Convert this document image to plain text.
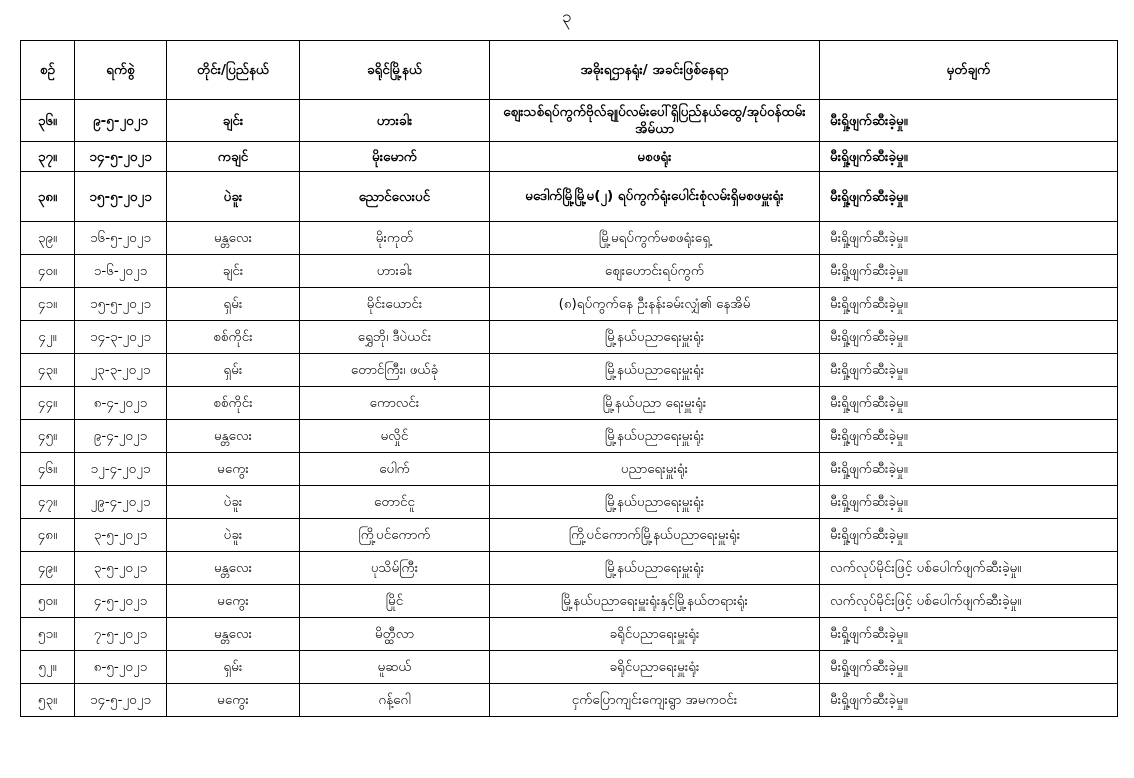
၃
စဉ်	ရက်စွဲ	တိုင်း/ပြည်နယ်	ခရိုင်မြို့နယ်	အဓိုးရဌာနရုံး/ အခင်းဖြစ်နေရာ	မှတ်ချက်
၃၆။	၉-၅-၂၀၂၁	ချင်း	ဟားခါး	ဈေးသစ်ရပ်ကွက်ဗိုလ်ချုပ်လမ်းပေါ်ရှိပြည်နယ်ထွေ/အုပ်ဝန်ထမ်းအိမ်ယာ	မီးရှို့ဖျက်ဆီးခဲ့မှု။
၃၇။	၁၄-၅-၂၀၂၁	ကချင်	မိုးမောက်	မစဖရုံး	မီးရှို့ဖျက်ဆီးခဲ့မှု။
၃၈။	၁၅-၅-၂၀၂၁	ပဲခူး	ညောင်လေးပင်	မဒေါက်မြို့မြို့မ(၂) ရပ်ကွက်ရုံးပေါင်းစုံလမ်းရှိမစဖမှူးရုံး	မီးရှို့ဖျက်ဆီးခဲ့မှု။
၃၉။	၁၆-၅-၂၀၂၁	မန္တလေး	မိုးကုတ်	မြို့မရပ်ကွက်မစဖရုံးရှေ့	မီးရှို့ဖျက်ဆီးခဲ့မှု။
၄၀။	၁-၆-၂၀၂၁	ချင်း	ဟားခါး	ဈေးဟောင်းရပ်ကွက်	မီးရှို့ဖျက်ဆီးခဲ့မှု။
၄၁။	၁၅-၅-၂၀၂၁	ရှမ်း	မိုင်းယောင်း	(၈)ရပ်ကွက်နေ ဦးနန်းခမ်းလျှံ၏ နေအိမ်	မီးရှို့ဖျက်ဆီးခဲ့မှု။
၄၂။	၁၄-၃-၂၀၂၁	စစ်ကိုင်း	ရွှေဘို၊ ဒီပဲယင်း	မြို့နယ်ပညာရေးမှူးရုံး	မီးရှို့ဖျက်ဆီးခဲ့မှု။
၄၃။	၂၃-၃-၂၀၂၁	ရှမ်း	တောင်ကြီး၊ ဖယ်ခုံ	မြို့နယ်ပညာရေးမှူးရုံး	မီးရှို့ဖျက်ဆီးခဲ့မှု။
၄၄။	၈-၄-၂၀၂၁	စစ်ကိုင်း	ကောလင်း	မြို့နယ်ပညာ ရေးမှူးရုံး	မီးရှို့ဖျက်ဆီးခဲ့မှု။
၄၅။	၉-၄-၂၀၂၁	မန္တလေး	မလှိုင်	မြို့နယ်ပညာရေးမှူးရုံး	မီးရှို့ဖျက်ဆီးခဲ့မှု။
၄၆။	၁၂-၄-၂၀၂၁	မကွေး	ပေါက်	ပညာရေးမှူးရုံး	မီးရှို့ဖျက်ဆီးခဲ့မှု။
၄၇။	၂၉-၄-၂၀၂၁	ပဲခူး	တောင်ငူ	မြို့နယ်ပညာရေးမှူးရုံး	မီးရှို့ဖျက်ဆီးခဲ့မှု။
၄၈။	၃-၅-၂၀၂၁	ပဲခူး	ကြို့ပင်ကောက်	ကြို့ပင်ကောက်မြို့နယ်ပညာရေးမှူးရုံး	မီးရှို့ဖျက်ဆီးခဲ့မှု။
၄၉။	၃-၅-၂၀၂၁	မန္တလေး	ပုသိမ်ကြီး	မြို့နယ်ပညာရေးမှူးရုံး	လက်လုပ်မိုင်းဖြင့် ပစ်ပေါက်ဖျက်ဆီးခဲ့မှု။
၅၀။	၄-၅-၂၀၂၁	မကွေး	မြိုင်	မြို့နယ်ပညာရေးမှူးရုံးနှင့်မြို့နယ်တရားရုံး	လက်လုပ်မိုင်းဖြင့် ပစ်ပေါက်ဖျက်ဆီးခဲ့မှု။
၅၁။	၇-၅-၂၀၂၁	မန္တလေး	မိတ္ထီလာ	ခရိုင်ပညာရေးမှူးရုံး	မီးရှို့ဖျက်ဆီးခဲ့မှု။
၅၂။	၈-၅-၂၀၂၁	ရှမ်း	မူဆယ်	ခရိုင်ပညာရေးမှူးရုံး	မီးရှို့ဖျက်ဆီးခဲ့မှု။
၅၃။	၁၄-၅-၂၀၂၁	မကွေး	ဂန့်ဂေါ	ငှက်ပြောကျင်းကျေးရွာ အမကဝင်း	မီးရှို့ဖျက်ဆီးခဲ့မှု။
